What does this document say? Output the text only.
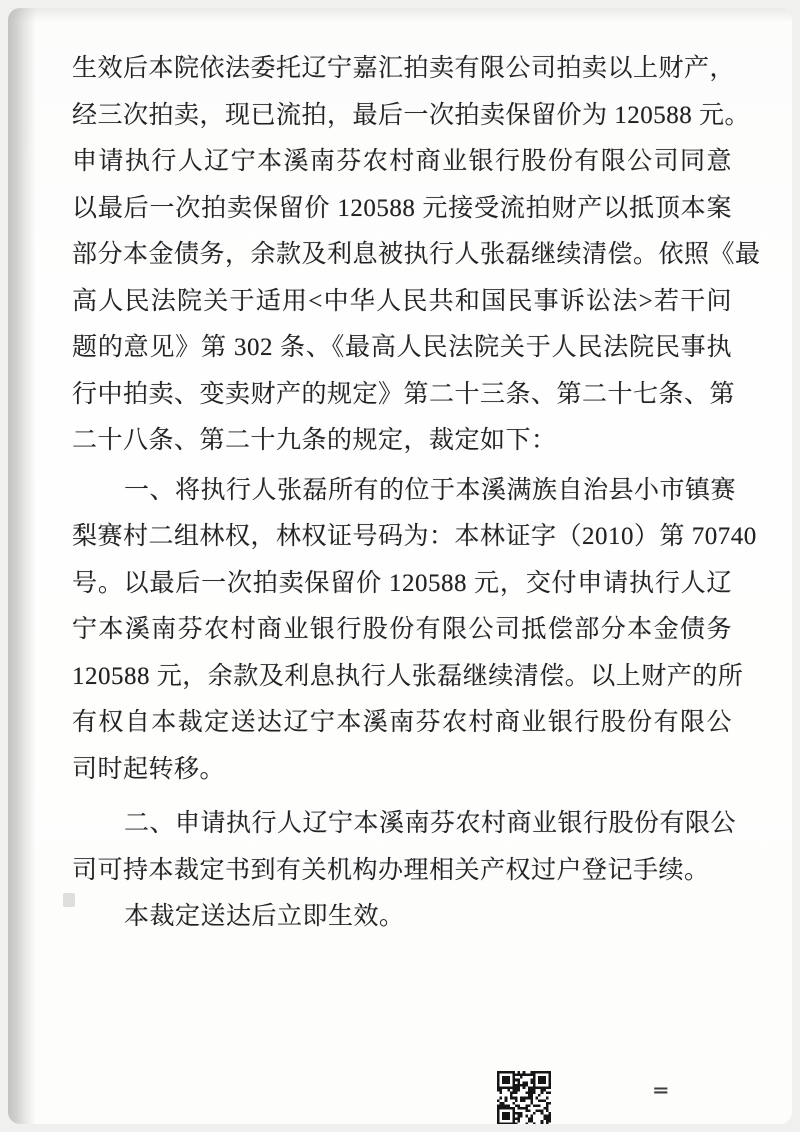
生效后本院依法委托辽宁嘉汇拍卖有限公司拍卖以上财产，
经三次拍卖，现已流拍，最后一次拍卖保留价为 120588 元。
申请执行人辽宁本溪南芬农村商业银行股份有限公司同意
以最后一次拍卖保留价 120588 元接受流拍财产以抵顶本案
部分本金债务，余款及利息被执行人张磊继续清偿。依照《最
高人民法院关于适用<中华人民共和国民事诉讼法>若干问
题的意见》第 302 条、《最高人民法院关于人民法院民事执
行中拍卖、变卖财产的规定》第二十三条、第二十七条、第
二十八条、第二十九条的规定，裁定如下：
一、将执行人张磊所有的位于本溪满族自治县小市镇赛
梨赛村二组林权，林权证号码为：本林证字（2010）第 70740
号。以最后一次拍卖保留价 120588 元，交付申请执行人辽
宁本溪南芬农村商业银行股份有限公司抵偿部分本金债务
120588 元，余款及利息执行人张磊继续清偿。以上财产的所
有权自本裁定送达辽宁本溪南芬农村商业银行股份有限公
司时起转移。
二、申请执行人辽宁本溪南芬农村商业银行股份有限公
司可持本裁定书到有关机构办理相关产权过户登记手续。
本裁定送达后立即生效。
=
